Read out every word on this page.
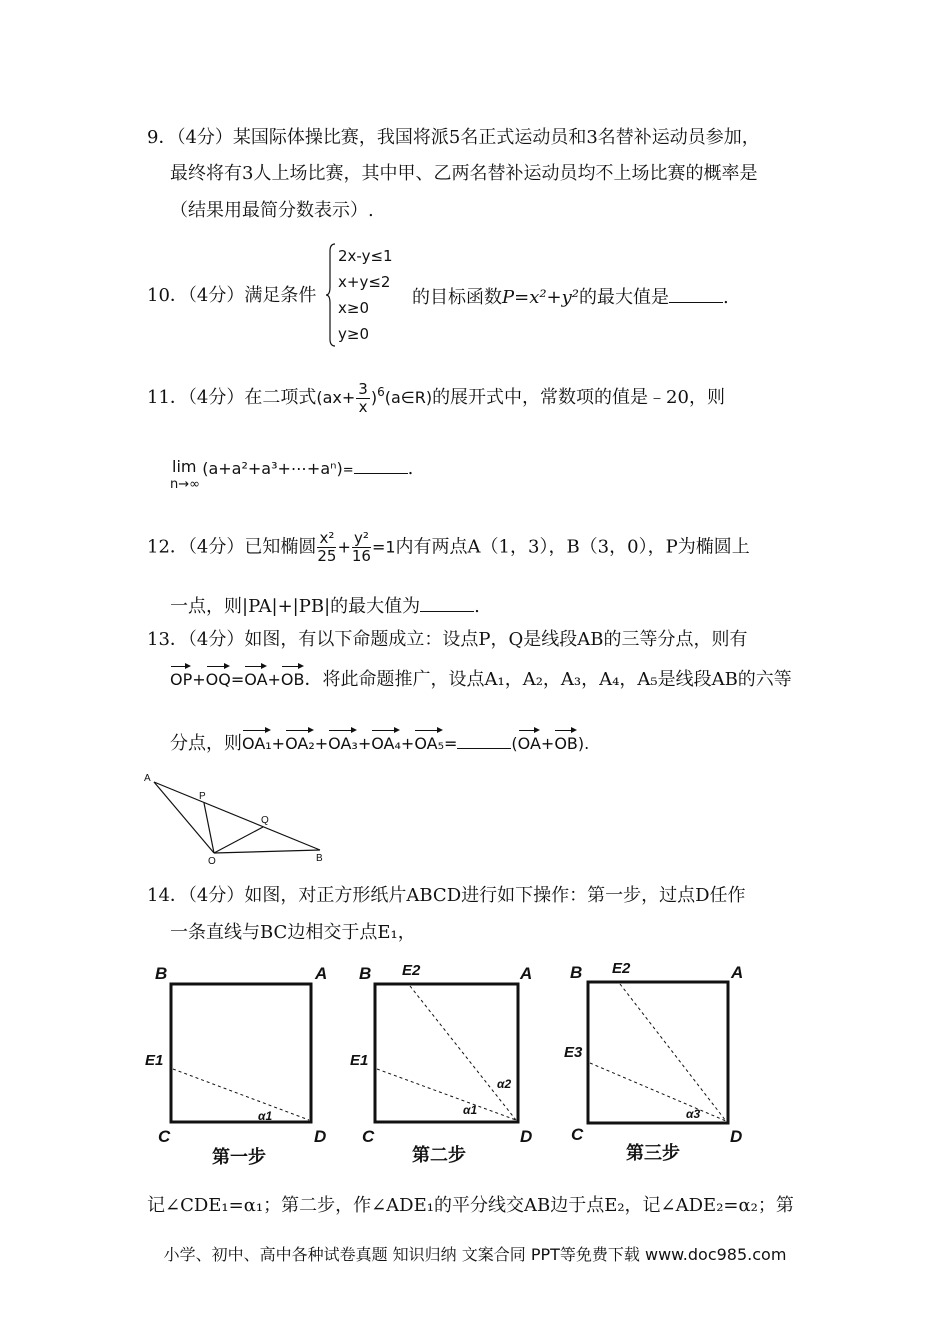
9．（4分）某国际体操比赛，我国将派5名正式运动员和3名替补运动员参加，
最终将有3人上场比赛，其中甲、乙两名替补运动员均不上场比赛的概率是
（结果用最简分数表示）.
10．（4分）满足条件
2x-y≤1
x+y≤2
x≥0
y≥0
的目标函数P=x²+y²的最大值是	.
11．（4分）在二项式($ax+ \frac{3}{x}$ )$^6(a\in R)$的展开式中，常数项的值是﹣20，则
lim
n→∞
(a+a²+a³+⋯+aⁿ)=	.
12．（4分）已知椭圆 $\frac{\text{x²}}{25} + \frac{\text{y²}}{16} =1$内有两点A（1，3），B（3，0），P为椭圆上
一点，则|PA|+|PB|的最大值为	.
13．（4分）如图，有以下命题成立：设点P，Q是线段AB的三等分点，则有
OP+OQ=OA+OB．将此命题推广，设点A₁，A₂，A₃，A₄，A₅是线段AB的六等
分点，则OA₁+OA₂+OA₃+OA₄+OA₅=	(OA+OB).
A
P
Q
O	B
14．（4分）如图，对正方形纸片ABCD进行如下操作：第一步，过点D任作
一条直线与BC边相交于点E₁，
B	A
C	D
E1
α1
第一步
B	A
E2
C	D
E1
α1
α2
第二步
B	A
E2
C	D
E3
α3
第三步
记∠CDE₁=α₁；第二步，作∠ADE₁的平分线交AB边于点E₂，记∠ADE₂=α₂；第
小学、初中、高中各种试卷真题 知识归纳 文案合同 PPT等免费下载 www.doc985.com
